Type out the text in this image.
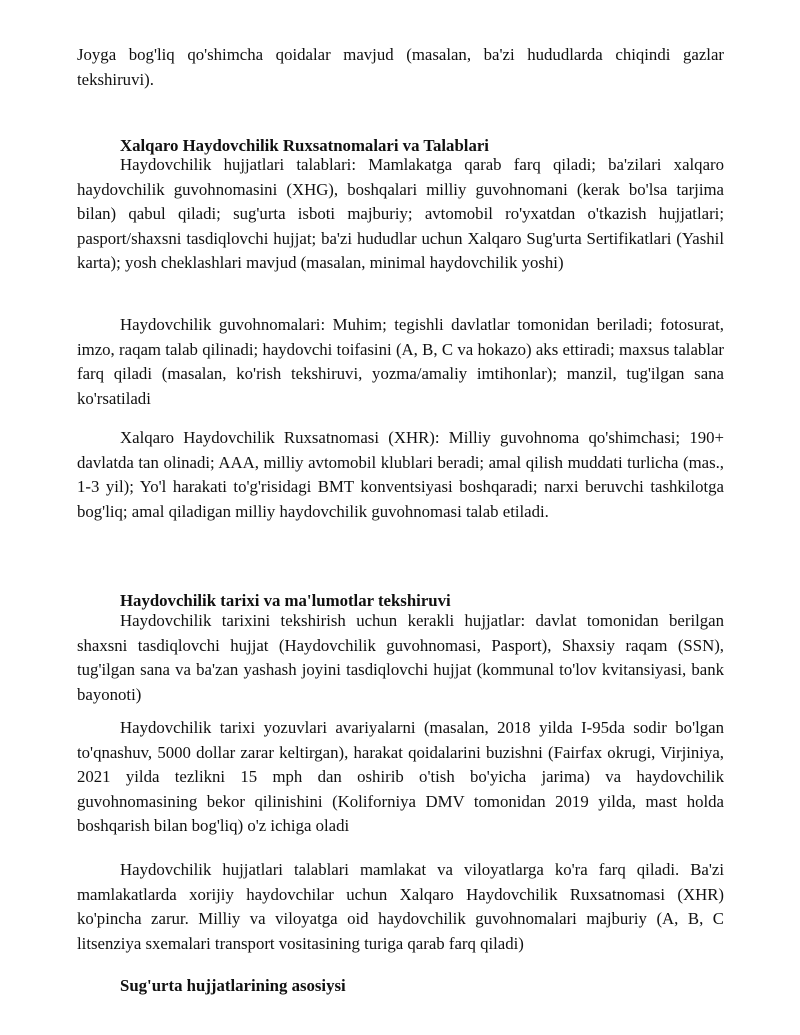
Joyga bog'liq qo'shimcha qoidalar mavjud (masalan, ba'zi hududlarda chiqindi gazlar tekshiruvi).

Xalqaro Haydovchilik Ruxsatnomalari va Talablari

Haydovchilik hujjatlari talablari: Mamlakatga qarab farq qiladi; ba'zilari xalqaro haydovchilik guvohnomasini (XHG), boshqalari milliy guvohnomani (kerak bo'lsa tarjima bilan) qabul qiladi; sug'urta isboti majburiy; avtomobil ro'yxatdan o'tkazish hujjatlari; pasport/shaxsni tasdiqlovchi hujjat; ba'zi hududlar uchun Xalqaro Sug'urta Sertifikatlari (Yashil karta); yosh cheklashlari mavjud (masalan, minimal haydovchilik yoshi)

Haydovchilik guvohnomalari: Muhim; tegishli davlatlar tomonidan beriladi; fotosurat, imzo, raqam talab qilinadi; haydovchi toifasini (A, B, C va hokazo) aks ettiradi; maxsus talablar farq qiladi (masalan, ko'rish tekshiruvi, yozma/amaliy imtihonlar); manzil, tug'ilgan sana ko'rsatiladi

Xalqaro Haydovchilik Ruxsatnomasi (XHR): Milliy guvohnoma qo'shimchasi; 190+ davlatda tan olinadi; AAA, milliy avtomobil klublari beradi; amal qilish muddati turlicha (mas., 1-3 yil); Yo'l harakati to'g'risidagi BMT konventsiyasi boshqaradi; narxi beruvchi tashkilotga bog'liq; amal qiladigan milliy haydovchilik guvohnomasi talab etiladi.

Haydovchilik tarixi va ma'lumotlar tekshiruvi

Haydovchilik tarixini tekshirish uchun kerakli hujjatlar: davlat tomonidan berilgan shaxsni tasdiqlovchi hujjat (Haydovchilik guvohnomasi, Pasport), Shaxsiy raqam (SSN), tug'ilgan sana va ba'zan yashash joyini tasdiqlovchi hujjat (kommunal to'lov kvitansiyasi, bank bayonoti)

Haydovchilik tarixi yozuvlari avariyalarni (masalan, 2018 yilda I-95da sodir bo'lgan to'qnashuv, 5000 dollar zarar keltirgan), harakat qoidalarini buzishni (Fairfax okrugi, Virjiniya, 2021 yilda tezlikni 15 mph dan oshirib o'tish bo'yicha jarima) va haydovchilik guvohnomasining bekor qilinishini (Koliforniya DMV tomonidan 2019 yilda, mast holda boshqarish bilan bog'liq) o'z ichiga oladi

Haydovchilik hujjatlari talablari mamlakat va viloyatlarga ko'ra farq qiladi. Ba'zi mamlakatlarda xorijiy haydovchilar uchun Xalqaro Haydovchilik Ruxsatnomasi (XHR) ko'pincha zarur. Milliy va viloyatga oid haydovchilik guvohnomalari majburiy (A, B, C litsenziya sxemalari transport vositasining turiga qarab farq qiladi)

Sug'urta hujjatlarining asosiysi
